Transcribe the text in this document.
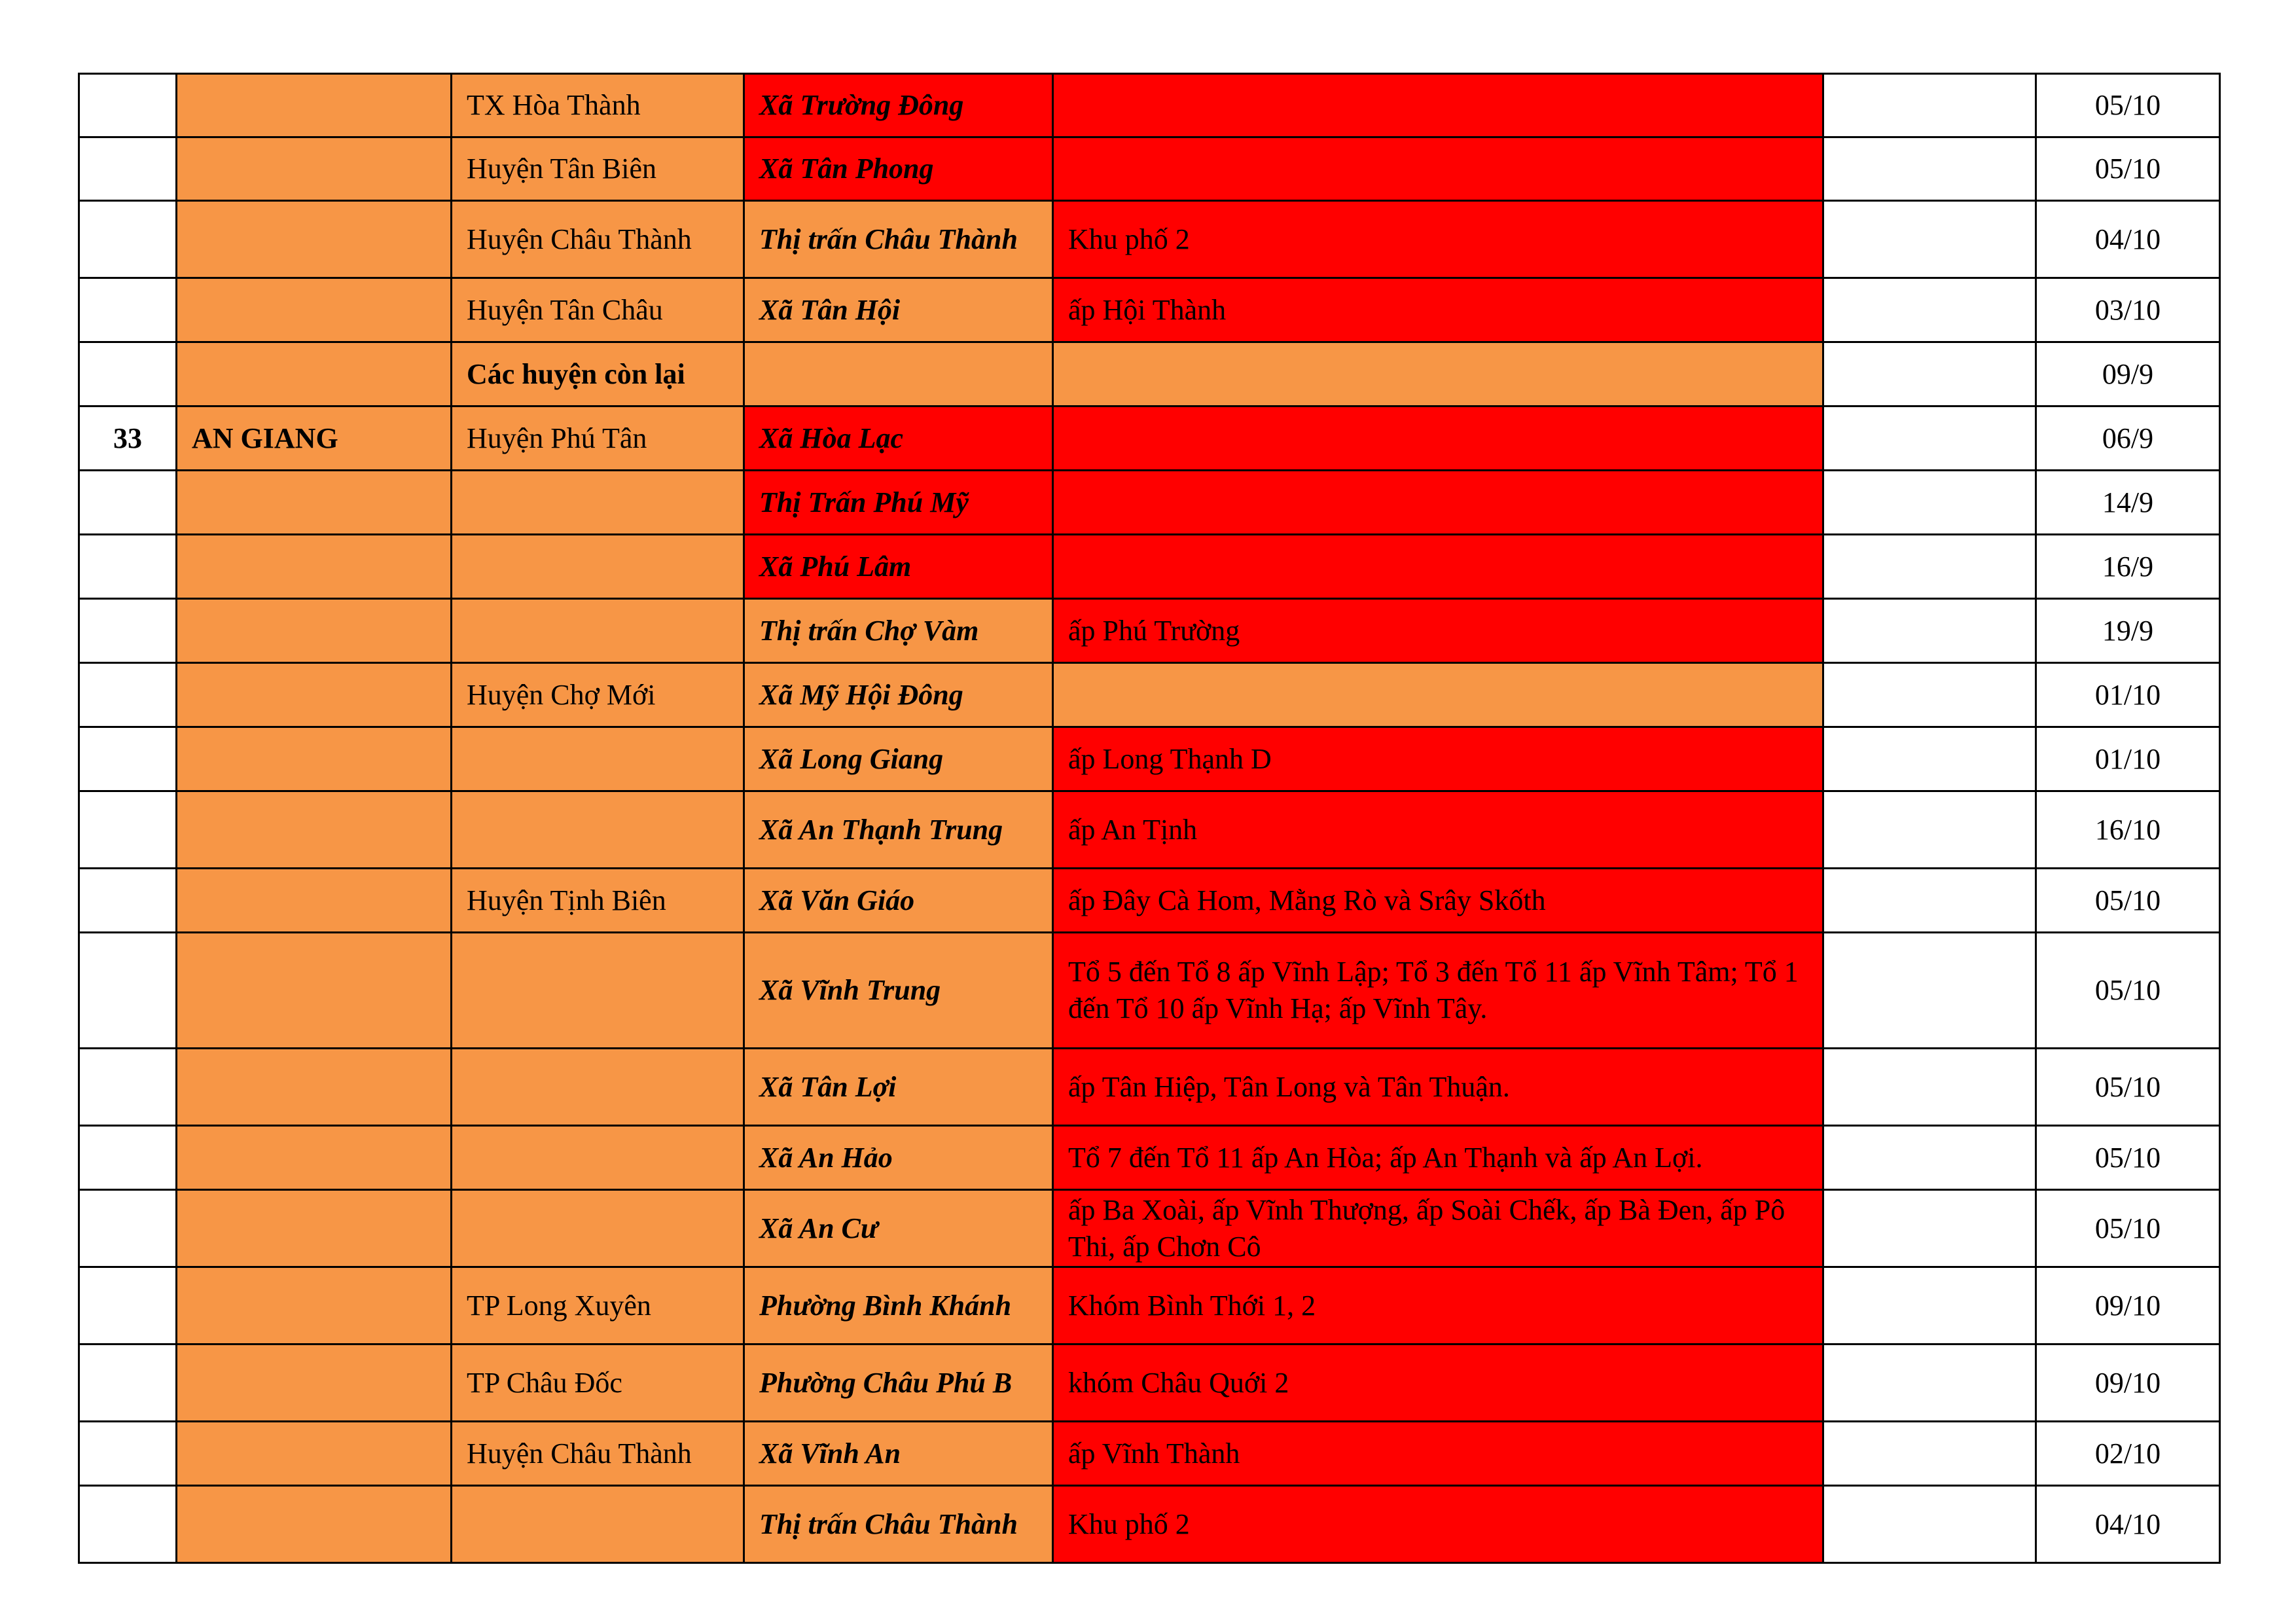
		TX Hòa Thành	Xã Trường Đông			05/10
		Huyện Tân Biên	Xã Tân Phong			05/10
		Huyện Châu Thành	Thị trấn Châu Thành	Khu phố 2		04/10
		Huyện Tân Châu	Xã Tân Hội	ấp Hội Thành		03/10
		Các huyện còn lại				09/9
33	AN GIANG	Huyện Phú Tân	Xã Hòa Lạc			06/9
			Thị Trấn Phú Mỹ			14/9
			Xã Phú Lâm			16/9
			Thị trấn Chợ Vàm	ấp Phú Trường		19/9
		Huyện Chợ Mới	Xã Mỹ Hội Đông			01/10
			Xã Long Giang	ấp Long Thạnh D		01/10
			Xã An Thạnh Trung	ấp An Tịnh		16/10
		Huyện Tịnh Biên	Xã Văn Giáo	ấp Đây Cà Hom, Mằng Rò và Srây Skốth		05/10
			Xã Vĩnh Trung	Tổ 5 đến Tổ 8 ấp Vĩnh Lập; Tổ 3 đến Tổ 11 ấp Vĩnh Tâm; Tổ 1 đến Tổ 10 ấp Vĩnh Hạ; ấp Vĩnh Tây.		05/10
			Xã Tân Lợi	ấp Tân Hiệp, Tân Long và Tân Thuận.		05/10
			Xã An Hảo	Tổ 7 đến Tổ 11 ấp An Hòa; ấp An Thạnh và ấp An Lợi.		05/10
			Xã An Cư	ấp Ba Xoài, ấp Vĩnh Thượng, ấp Soài Chếk, ấp Bà Đen, ấp Pô Thi, ấp Chơn Cô		05/10
		TP Long Xuyên	Phường Bình Khánh	Khóm Bình Thới 1, 2		09/10
		TP Châu Đốc	Phường Châu Phú B	khóm Châu Quới 2		09/10
		Huyện Châu Thành	Xã Vĩnh An	ấp Vĩnh Thành		02/10
			Thị trấn Châu Thành	Khu phố 2		04/10
